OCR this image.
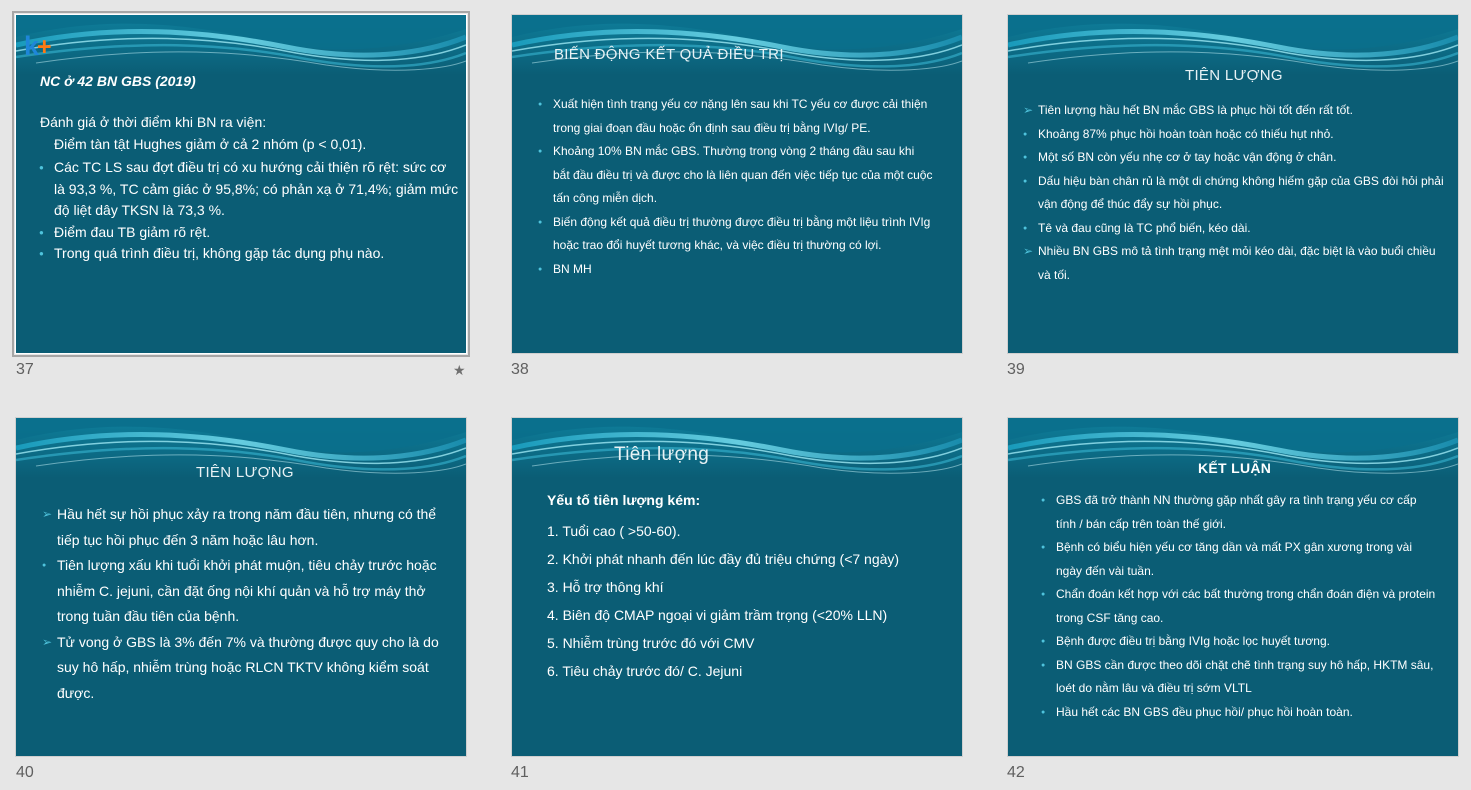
k+
NC ở 42 BN GBS (2019)
Đánh giá ở thời điểm khi BN ra viện:
Điểm tàn tật Hughes giảm ở cả 2 nhóm (p < 0,01).
● Các TC LS sau đợt điều trị có xu hướng cải thiện rõ rệt: sức cơ là 93,3 %, TC cảm giác ở 95,8%; có phản xạ ở 71,4%; giảm mức độ liệt dây TKSN là 73,3 %.
● Điểm đau TB giảm rõ rệt.
● Trong quá trình điều trị, không gặp tác dụng phụ nào.
37	★
BIẾN ĐỘNG KẾT QUẢ ĐIỀU TRỊ
● Xuất hiện tình trạng yếu cơ nặng lên sau khi TC yếu cơ được cải thiện trong giai đoạn đầu hoặc ổn định sau điều trị bằng IVIg/ PE.
● Khoảng 10% BN mắc GBS. Thường trong vòng 2 tháng đầu sau khi bắt đầu điều trị và được cho là liên quan đến việc tiếp tục của một cuộc tấn công miễn dịch.
● Biến động kết quả điều trị thường được điều trị bằng một liệu trình IVIg hoặc trao đổi huyết tương khác, và việc điều trị thường có lợi.
● BN MH
38
TIÊN LƯỢNG
➢ Tiên lượng hầu hết BN mắc GBS là phục hồi tốt đến rất tốt.
● Khoảng 87% phục hồi hoàn toàn hoặc có thiếu hụt nhỏ.
● Một số BN còn yếu nhẹ cơ ở tay hoặc vận động ở chân.
● Dấu hiệu bàn chân rủ là một di chứng không hiếm gặp của GBS đòi hỏi phải vận động để thúc đẩy sự hồi phục.
● Tê và đau cũng là TC phổ biến, kéo dài.
➢ Nhiều BN GBS mô tả tình trạng mệt mỏi kéo dài, đặc biệt là vào buổi chiều và tối.
39
TIÊN LƯỢNG
➢ Hầu hết sự hồi phục xảy ra trong năm đầu tiên, nhưng có thể tiếp tục hồi phục đến 3 năm hoặc lâu hơn.
● Tiên lượng xấu khi tuổi khởi phát muộn, tiêu chảy trước hoặc nhiễm C. jejuni, cần đặt ống nội khí quản và hỗ trợ máy thở trong tuần đầu tiên của bệnh.
➢ Tử vong ở GBS là 3% đến 7% và thường được quy cho là do suy hô hấp, nhiễm trùng hoặc RLCN TKTV không kiểm soát được.
40
Tiên lượng
Yếu tố tiên lượng kém:
1. Tuổi cao ( >50-60).
2. Khởi phát nhanh đến lúc đầy đủ triệu chứng (<7 ngày)
3. Hỗ trợ thông khí
4. Biên độ CMAP ngoại vi giảm trầm trọng (<20% LLN)
5. Nhiễm trùng trước đó với CMV
6. Tiêu chảy trước đó/ C. Jejuni
41
KẾT LUẬN
● GBS đã trở thành NN thường gặp nhất gây ra tình trạng yếu cơ cấp tính / bán cấp trên toàn thế giới.
● Bệnh có biểu hiện yếu cơ tăng dần và mất PX gân xương trong vài ngày đến vài tuần.
● Chẩn đoán kết hợp với các bất thường trong chẩn đoán điện và protein trong CSF tăng cao.
● Bệnh được điều trị bằng IVIg hoặc lọc huyết tương.
● BN GBS cần được theo dõi chặt chẽ tình trạng suy hô hấp, HKTM sâu, loét do nằm lâu và điều trị sớm VLTL
● Hầu hết các BN GBS đều phục hồi/ phục hồi hoàn toàn.
42
